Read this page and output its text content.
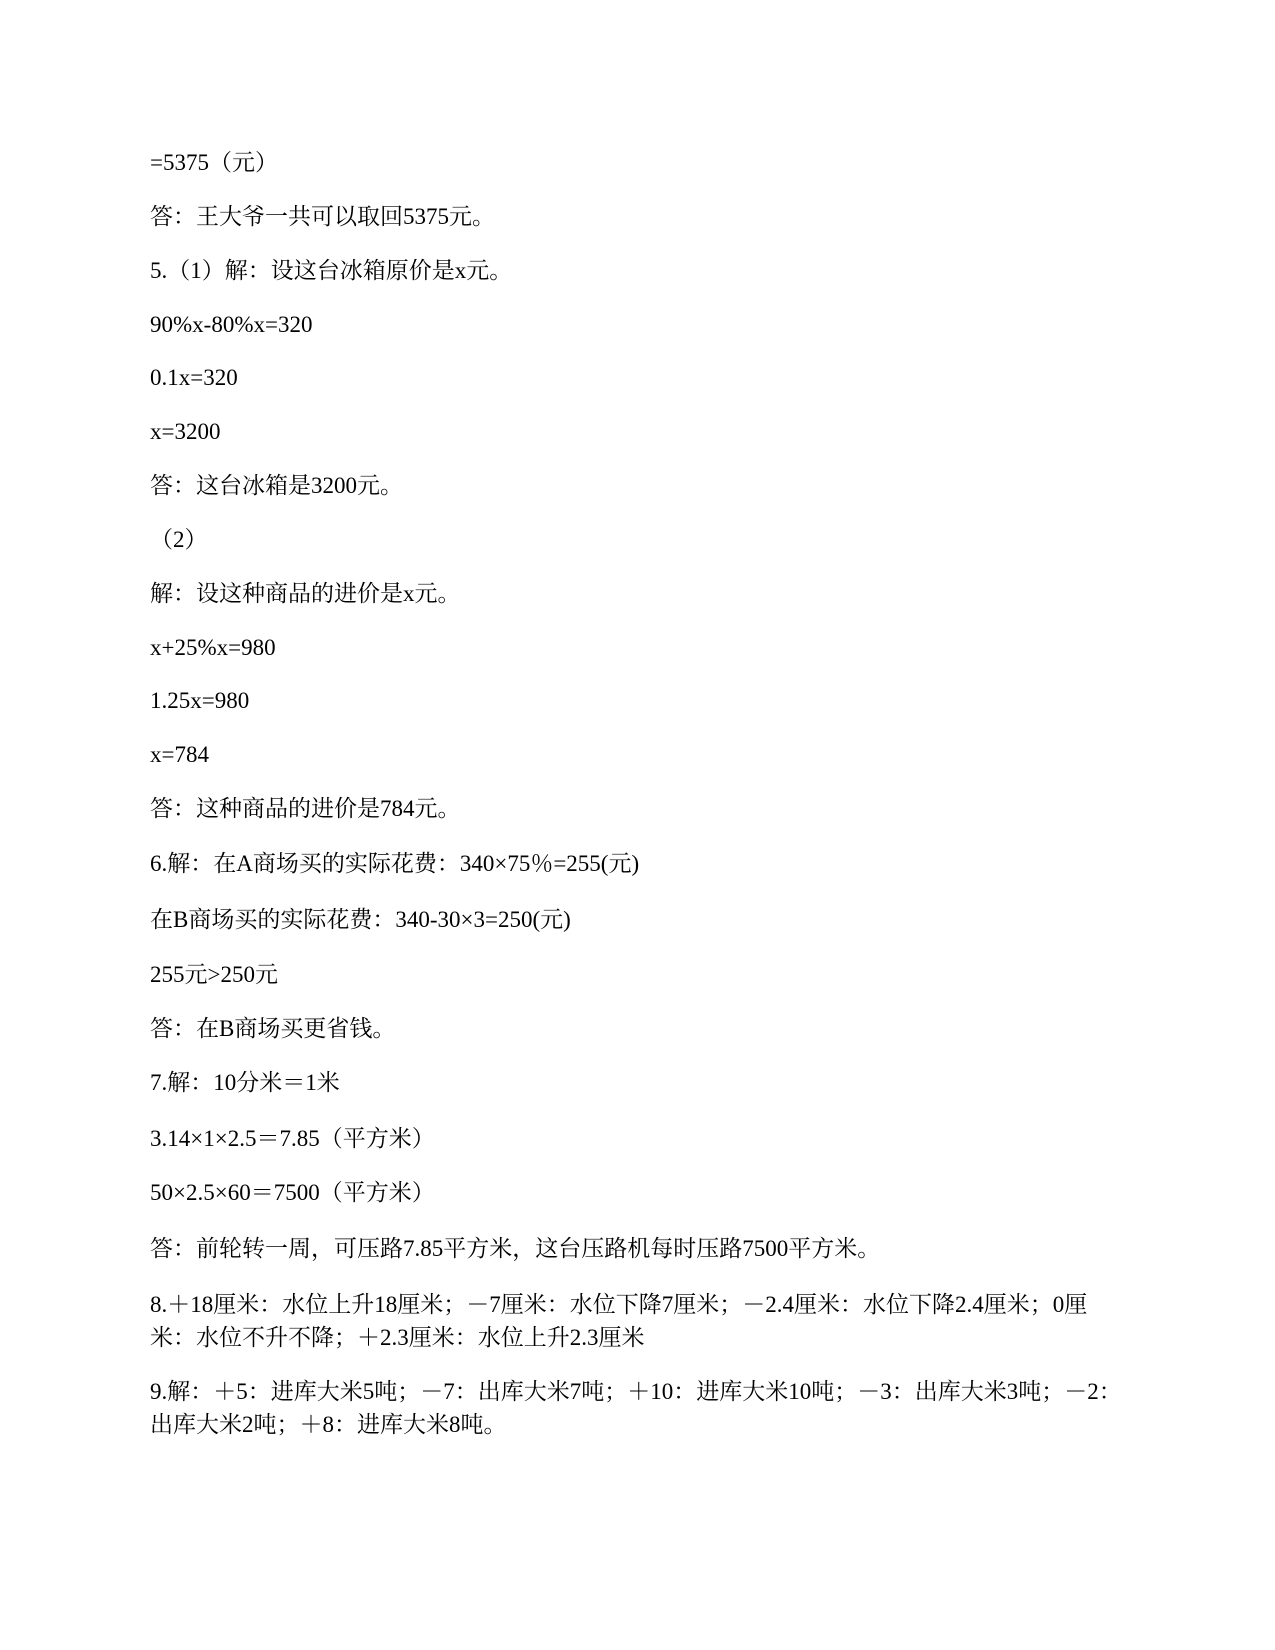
=5375（元）
答：王大爷一共可以取回5375元。
5.（1）解：设这台冰箱原价是x元。
90%x-80%x=320
0.1x=320
x=3200
答：这台冰箱是3200元。
（2）
解：设这种商品的进价是x元。
x+25%x=980
1.25x=980
x=784
答：这种商品的进价是784元。
6.解：在A商场买的实际花费：340×75％=255(元)
在B商场买的实际花费：340-30×3=250(元)
255元>250元
答：在B商场买更省钱。
7.解：10分米＝1米
3.14×1×2.5＝7.85（平方米）
50×2.5×60＝7500（平方米）
答：前轮转一周，可压路7.85平方米，这台压路机每时压路7500平方米。
8.＋18厘米：水位上升18厘米；－7厘米：水位下降7厘米；－2.4厘米：水位下降2.4厘米；0厘米：水位不升不降；＋2.3厘米：水位上升2.3厘米
9.解：＋5：进库大米5吨；－7：出库大米7吨；＋10：进库大米10吨；－3：出库大米3吨；－2：出库大米2吨；＋8：进库大米8吨。
